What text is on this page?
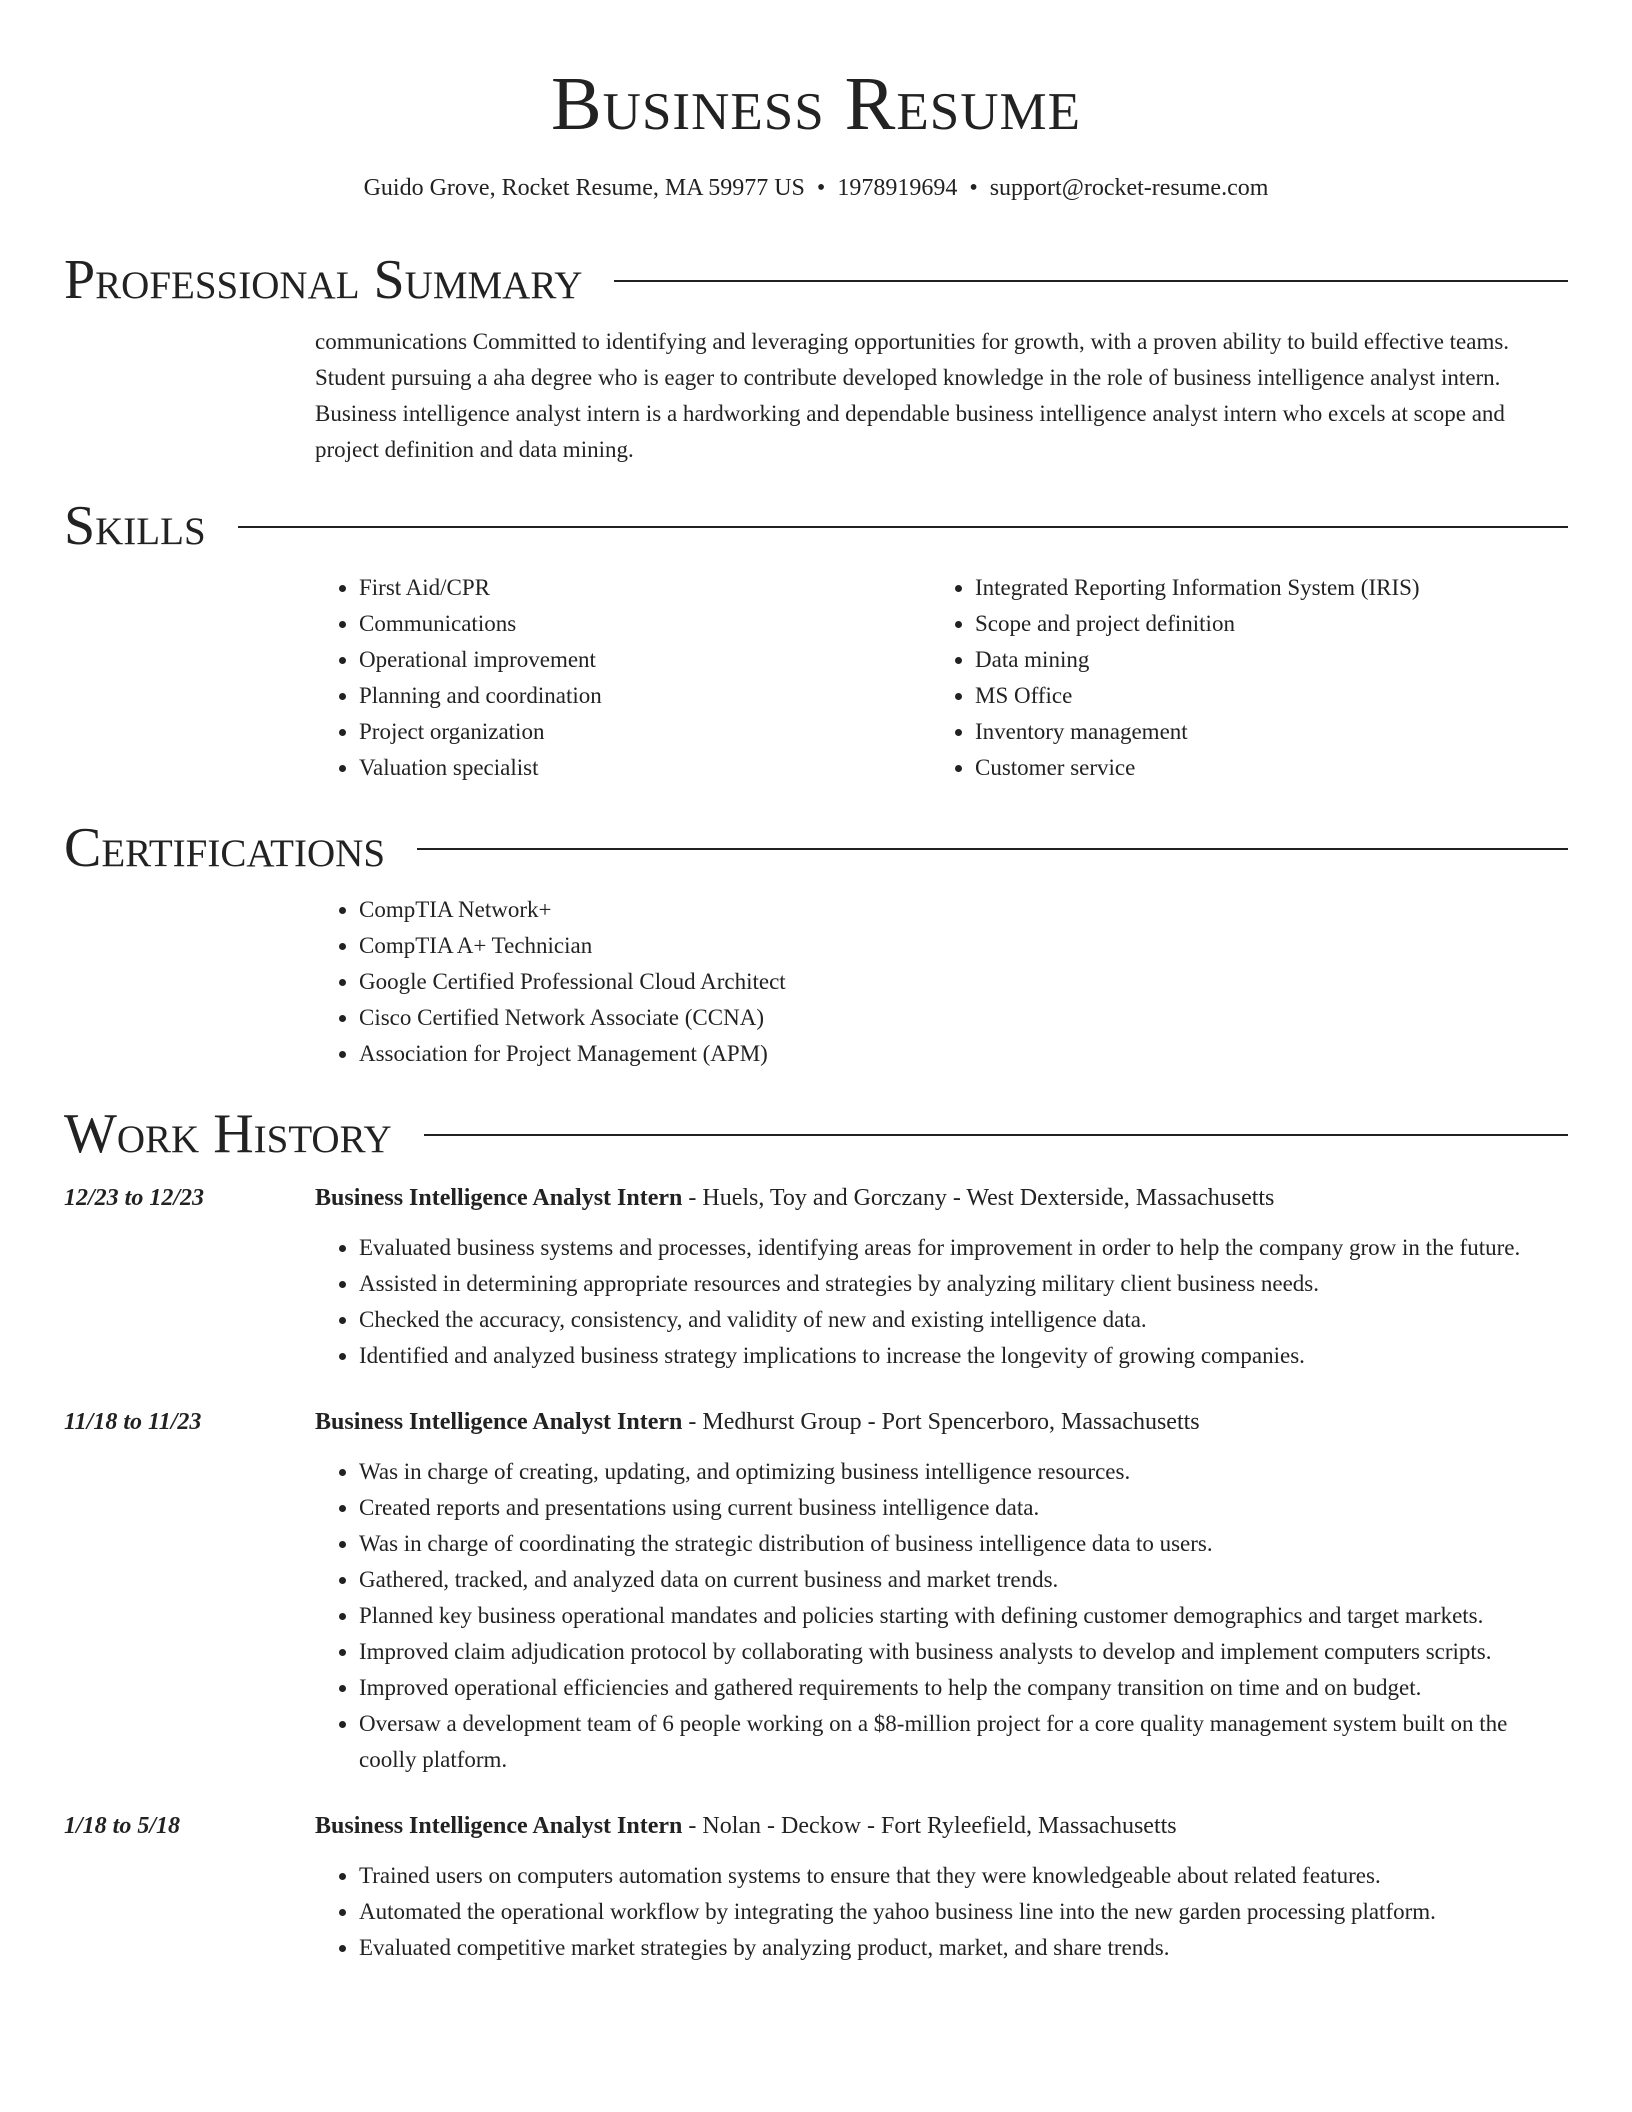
Business Resume
Guido Grove, Rocket Resume, MA 59977 US • 1978919694 • support@rocket-resume.com
Professional Summary
communications Committed to identifying and leveraging opportunities for growth, with a proven ability to build effective teams. Student pursuing a aha degree who is eager to contribute developed knowledge in the role of business intelligence analyst intern. Business intelligence analyst intern is a hardworking and dependable business intelligence analyst intern who excels at scope and project definition and data mining.
Skills
• First Aid/CPR
• Communications
• Operational improvement
• Planning and coordination
• Project organization
• Valuation specialist
• Integrated Reporting Information System (IRIS)
• Scope and project definition
• Data mining
• MS Office
• Inventory management
• Customer service
Certifications
• CompTIA Network+
• CompTIA A+ Technician
• Google Certified Professional Cloud Architect
• Cisco Certified Network Associate (CCNA)
• Association for Project Management (APM)
Work History
12/23 to 12/23	Business Intelligence Analyst Intern - Huels, Toy and Gorczany - West Dexterside, Massachusetts
• Evaluated business systems and processes, identifying areas for improvement in order to help the company grow in the future.
• Assisted in determining appropriate resources and strategies by analyzing military client business needs.
• Checked the accuracy, consistency, and validity of new and existing intelligence data.
• Identified and analyzed business strategy implications to increase the longevity of growing companies.
11/18 to 11/23	Business Intelligence Analyst Intern - Medhurst Group - Port Spencerboro, Massachusetts
• Was in charge of creating, updating, and optimizing business intelligence resources.
• Created reports and presentations using current business intelligence data.
• Was in charge of coordinating the strategic distribution of business intelligence data to users.
• Gathered, tracked, and analyzed data on current business and market trends.
• Planned key business operational mandates and policies starting with defining customer demographics and target markets.
• Improved claim adjudication protocol by collaborating with business analysts to develop and implement computers scripts.
• Improved operational efficiencies and gathered requirements to help the company transition on time and on budget.
• Oversaw a development team of 6 people working on a $8-million project for a core quality management system built on the coolly platform.
1/18 to 5/18	Business Intelligence Analyst Intern - Nolan - Deckow - Fort Ryleefield, Massachusetts
• Trained users on computers automation systems to ensure that they were knowledgeable about related features.
• Automated the operational workflow by integrating the yahoo business line into the new garden processing platform.
• Evaluated competitive market strategies by analyzing product, market, and share trends.
